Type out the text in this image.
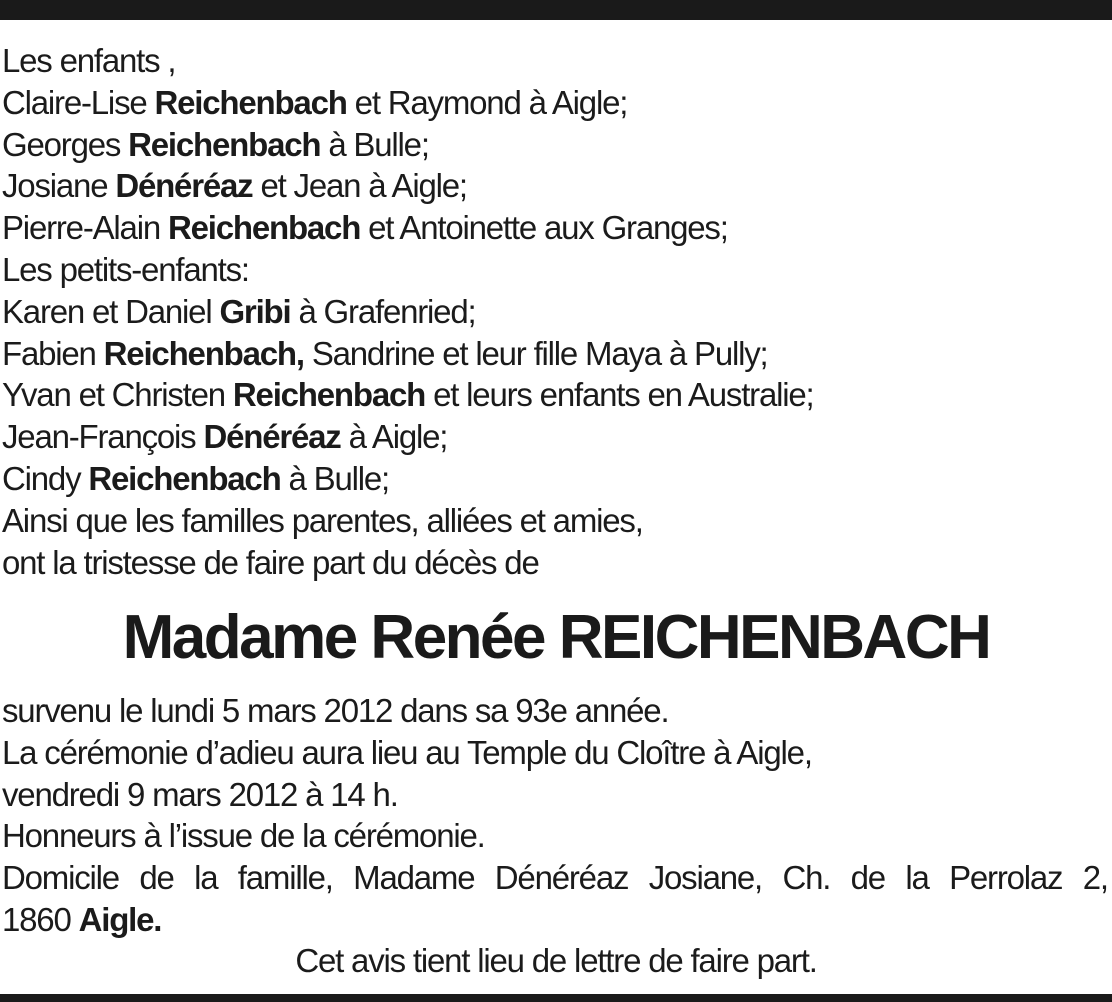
Les enfants ,
Claire-Lise Reichenbach et Raymond à Aigle;
Georges Reichenbach à Bulle;
Josiane Dénéréaz et Jean à Aigle;
Pierre-Alain Reichenbach et Antoinette aux Granges;
Les petits-enfants:
Karen et Daniel Gribi à Grafenried;
Fabien Reichenbach, Sandrine et leur fille Maya à Pully;
Yvan et Christen Reichenbach et leurs enfants en Australie;
Jean-François Dénéréaz à Aigle;
Cindy Reichenbach à Bulle;
Ainsi que les familles parentes, alliées et amies,
ont la tristesse de faire part du décès de
Madame Renée REICHENBACH
survenu le lundi 5 mars 2012 dans sa 93e année.
La cérémonie d’adieu aura lieu au Temple du Cloître à Aigle,
vendredi 9 mars 2012 à 14 h.
Honneurs à l’issue de la cérémonie.
Domicile de la famille, Madame Dénéréaz Josiane, Ch. de la Perrolaz 2,
1860 Aigle.
Cet avis tient lieu de lettre de faire part.
